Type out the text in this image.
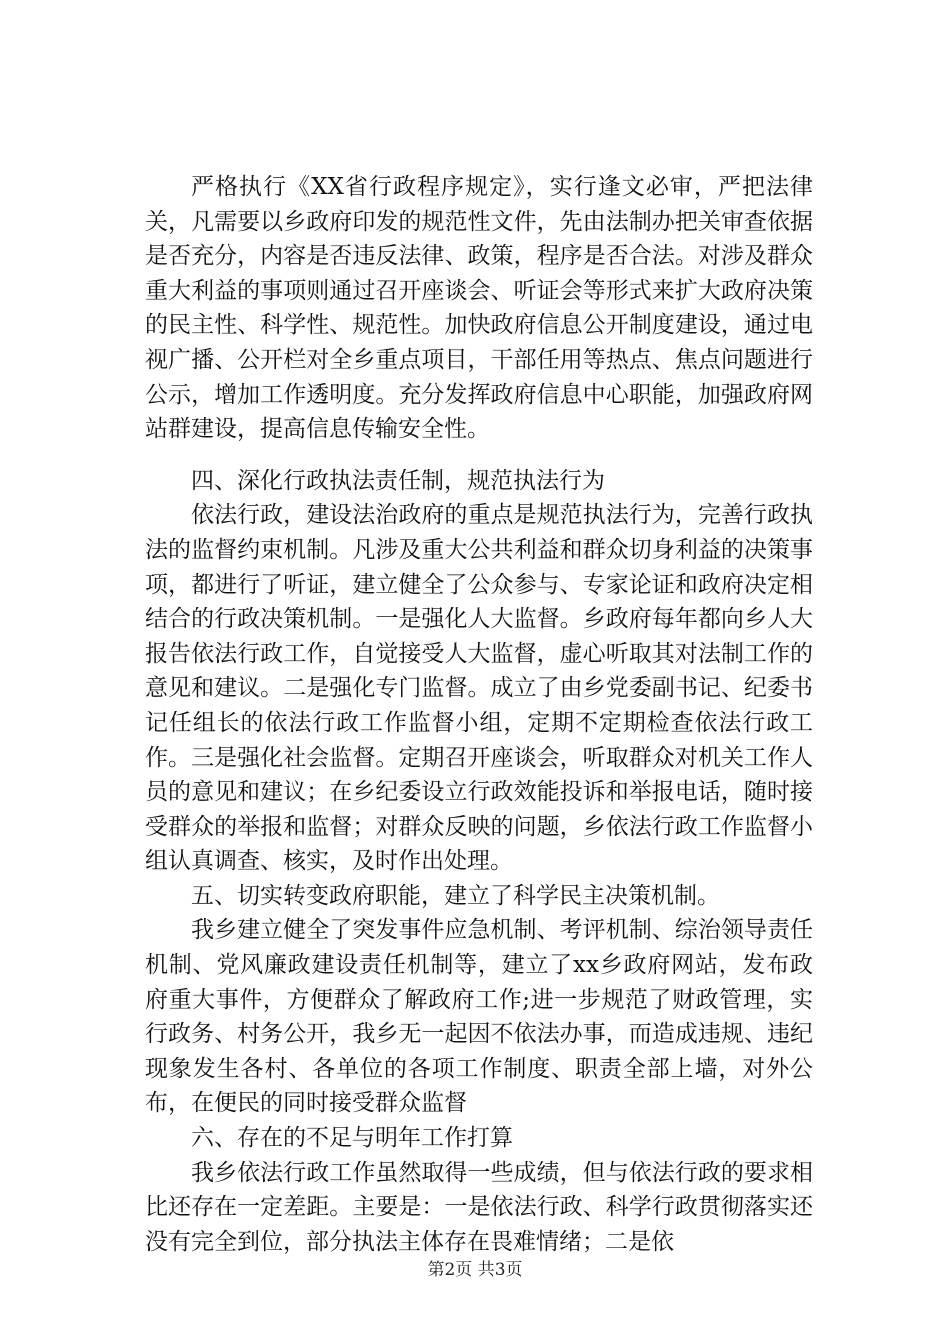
严格执行《XX省行政程序规定》，实行逢文必审，严把法律关，凡需要以乡政府印发的规范性文件，先由法制办把关审查依据是否充分，内容是否违反法律、政策，程序是否合法。对涉及群众重大利益的事项则通过召开座谈会、听证会等形式来扩大政府决策的民主性、科学性、规范性。加快政府信息公开制度建设，通过电视广播、公开栏对全乡重点项目，干部任用等热点、焦点问题进行公示，增加工作透明度。充分发挥政府信息中心职能，加强政府网站群建设，提高信息传输安全性。

四、深化行政执法责任制，规范执法行为

依法行政，建设法治政府的重点是规范执法行为，完善行政执法的监督约束机制。凡涉及重大公共利益和群众切身利益的决策事项，都进行了听证，建立健全了公众参与、专家论证和政府决定相结合的行政决策机制。一是强化人大监督。乡政府每年都向乡人大报告依法行政工作，自觉接受人大监督，虚心听取其对法制工作的意见和建议。二是强化专门监督。成立了由乡党委副书记、纪委书记任组长的依法行政工作监督小组，定期不定期检查依法行政工作。三是强化社会监督。定期召开座谈会，听取群众对机关工作人员的意见和建议；在乡纪委设立行政效能投诉和举报电话，随时接受群众的举报和监督；对群众反映的问题，乡依法行政工作监督小组认真调查、核实，及时作出处理。

五、切实转变政府职能，建立了科学民主决策机制。

我乡建立健全了突发事件应急机制、考评机制、综治领导责任机制、党风廉政建设责任机制等，建立了xx乡政府网站，发布政府重大事件，方便群众了解政府工作;进一步规范了财政管理，实行政务、村务公开，我乡无一起因不依法办事，而造成违规、违纪现象发生各村、各单位的各项工作制度、职责全部上墙，对外公布，在便民的同时接受群众监督

六、存在的不足与明年工作打算

我乡依法行政工作虽然取得一些成绩，但与依法行政的要求相比还存在一定差距。主要是：一是依法行政、科学行政贯彻落实还没有完全到位，部分执法主体存在畏难情绪；二是依

第2页 共3页
